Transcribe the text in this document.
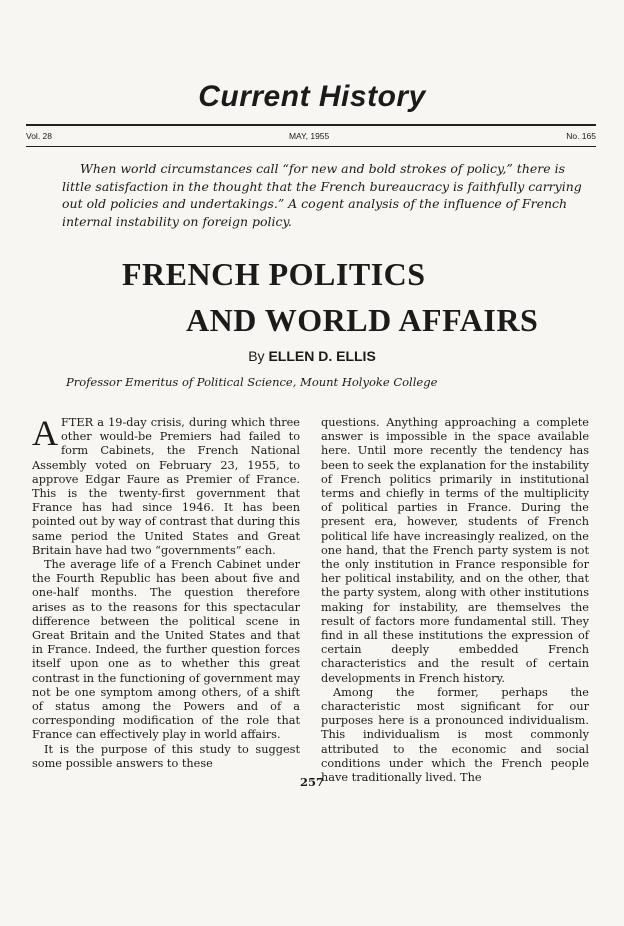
Current History
Vol. 28	MAY, 1955	No. 165
When world circumstances call “for new and bold strokes of policy,” there is little satisfaction in the thought that the French bureaucracy is faithfully carrying out old policies and undertakings.” A cogent analysis of the influence of French internal instability on foreign policy.
FRENCH POLITICS
AND WORLD AFFAIRS
By ELLEN D. ELLIS
Professor Emeritus of Political Science, Mount Holyoke College

AFTER a 19-day crisis, during which three other would-be Premiers had failed to form Cabinets, the French National Assembly voted on February 23, 1955, to approve Edgar Faure as Premier of France. This is the twenty-first government that France has had since 1946. It has been pointed out by way of contrast that during this same period the United States and Great Britain have had two “governments” each.

The average life of a French Cabinet under the Fourth Republic has been about five and one-half months. The question therefore arises as to the reasons for this spectacular difference between the political scene in Great Britain and the United States and that in France. Indeed, the further question forces itself upon one as to whether this great contrast in the functioning of government may not be one symptom among others, of a shift of status among the Powers and of a corresponding modification of the role that France can effectively play in world affairs.

It is the purpose of this study to suggest some possible answers to these

questions. Anything approaching a complete answer is impossible in the space available here. Until more recently the tendency has been to seek the explanation for the instability of French politics primarily in institutional terms and chiefly in terms of the multiplicity of political parties in France. During the present era, however, students of French political life have increasingly realized, on the one hand, that the French party system is not the only institution in France responsible for her political instability, and on the other, that the party system, along with other institutions making for instability, are themselves the result of factors more fundamental still. They find in all these institutions the expression of certain deeply embedded French characteristics and the result of certain developments in French history.

Among the former, perhaps the characteristic most significant for our purposes here is a pronounced individualism. This individualism is most commonly attributed to the economic and social conditions under which the French people have traditionally lived. The

257
